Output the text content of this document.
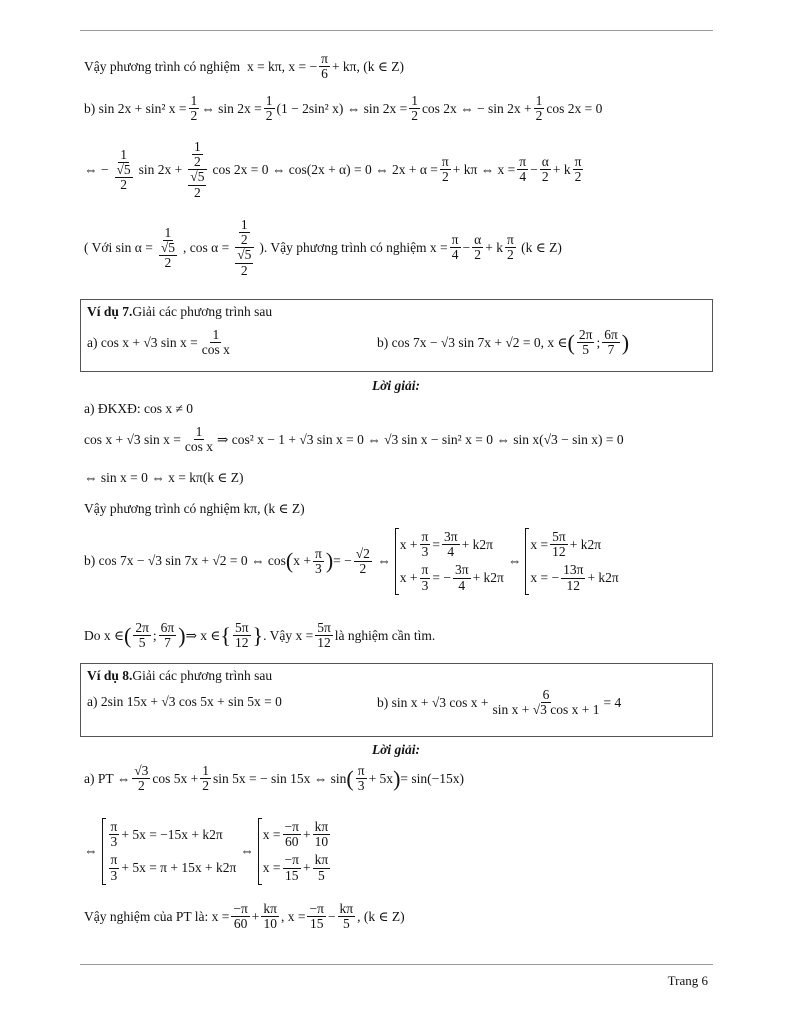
Vậy phương trình có nghiệm
x = kπ, x = − $\frac{\pi}{6} + k\pi$, (k ∈ Z)
b) sin 2x + sin² $x = \frac{1}{2}$ ⇔ $\sin 2x = \frac{1}{2} (1 - 2\sin^2$ x) ⇔ $\sin 2x = \frac{1}{2}$ cos 2x ⇔ − $\sin 2x + \frac{1}{2}$ cos 2x = 0
⇔ − $\frac{1}{\frac{√5}{2}}$ $\sin 2x + \frac{\frac{1}{2}}{\frac{√5}{2}}$ cos 2x = 0 ⇔ cos(2x + α) = 0 ⇔ $2x + \alpha = \frac{\pi}{2} + k\pi$ ⇔ $x = \frac{\pi}{4} - \frac{\alpha}{2} + k \frac{\pi}{2}$
( Với $\sin \alpha = \frac{1}{\frac{√5}{2}}$ , $\cos \alpha = \frac{\frac{1}{2}}{\frac{√5}{2}}$ ). Vậy phương trình có nghiệm $x = \frac{\pi}{4} - \frac{\alpha}{2} + k \frac{\pi}{2}$
(k ∈ Z)
Ví dụ 7. Giải các phương trình sau
a) cos x + √3 $\sin x = \frac{1}{\text{cos x}}$	b) cos 7x − √3 sin 7x + √2 = 0, x ∈ ( $\frac{2\pi}{5}$ ; $\frac{6\pi}{7}$ )
Lời giải:
a) ĐKXĐ: cos x ≠ 0
cos x + √3 $\sin x = \frac{1}{\text{cos x}}$ ⇒ cos² x − 1 + √3 sin x = 0 ⇔ √3 sin x − sin² x = 0 ⇔ sin x(√3 − sin x) = 0
⇔ sin x = 0 ⇔ x = kπ(k ∈ Z)
Vậy phương trình có nghiệm kπ, (k ∈ Z)
b) cos 7x − √3 sin 7x + √2 = 0 ⇔ cos ( $x + \frac{\pi}{3}$ ) = − $\frac{√2}{2}$
⇔
$x + \frac{\pi}{3} = \frac{3\pi}{4} + k2\pi$
$x + \frac{\pi}{3}$ = − $\frac{3\pi}{4} + k2\pi$
⇔
$x = \frac{5\pi}{12} + k2\pi$
x = − $\frac{13\pi}{12} + k2\pi$
Do x ∈ ( $\frac{2\pi}{5}$ ; $\frac{6\pi}{7}$ ) ⇒ x ∈ { $\frac{5\pi}{12}$ } . Vậy $x = \frac{5\pi}{12}$ là nghiệm cần tìm.
Ví dụ 8. Giải các phương trình sau
a) 2sin 15x + √3 cos 5x + sin 5x = 0	b) sin x + √3 $\cos x + \frac{6}{\text{sin x + √3 cos x + 1}} = 4$
Lời giải:
a) PT ⇔ $\frac{√3}{2}$ $\cos 5x + \frac{1}{2}$ sin 5x = − sin 15x ⇔ sin ( $\frac{\pi}{3} + 5x$ ) = sin(−15x)
⇔
$\frac{\pi}{3} + 5x = -15x + k2\pi$
$\frac{\pi}{3} + 5x = \pi + 15x + k2\pi$
⇔
$x = \frac{-\pi}{60} + \frac{k\pi}{10}$
$x = \frac{-\pi}{15} + \frac{k\pi}{5}$
Vậy nghiệm của PT là: $x = \frac{-\pi}{60} + \frac{k\pi}{10}$ , $x = \frac{-\pi}{15} - \frac{k\pi}{5}$ , (k ∈ Z)
Trang 6
